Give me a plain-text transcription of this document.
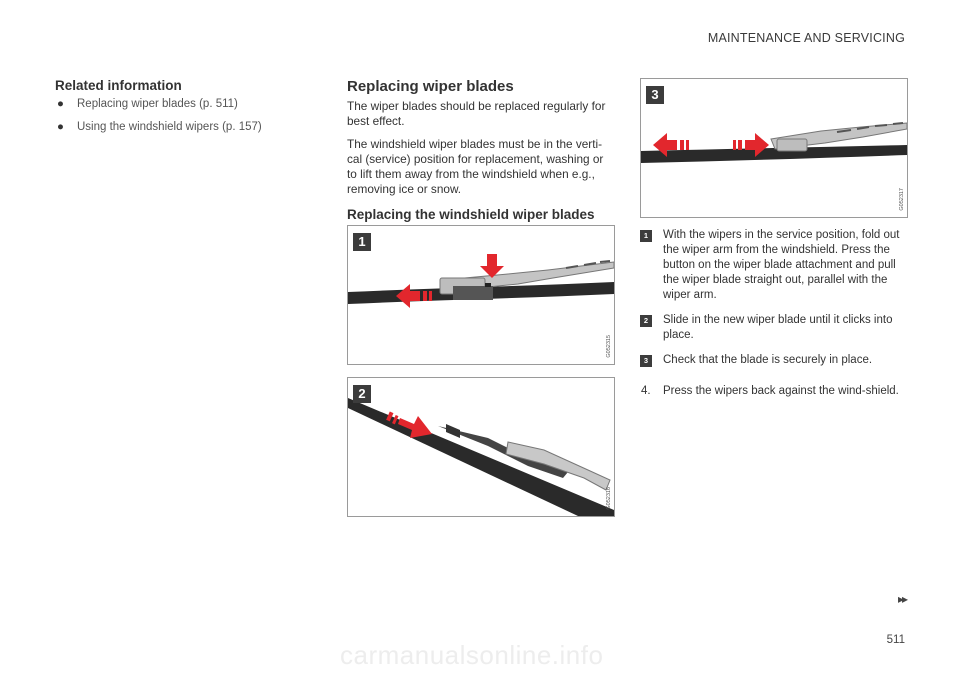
MAINTENANCE AND SERVICING
Related information
● Replacing wiper blades (p. 511)
● Using the windshield wipers (p. 157)
Replacing wiper blades

The wiper blades should be replaced regularly for best effect.

The windshield wiper blades must be in the verti-cal (service) position for replacement, washing or to lift them away from the windshield when e.g., removing ice or snow.

Replacing the windshield wiper blades
1
G052315
2
G052316
3
G052317
1	With the wipers in the service position, fold out the wiper arm from the windshield. Press the button on the wiper blade attachment and pull the wiper blade straight out, parallel with the wiper arm.
2	Slide in the new wiper blade until it clicks into place.
3	Check that the blade is securely in place.
4. Press the wipers back against the wind-shield.
▸▸
511
carmanualsonline.info
